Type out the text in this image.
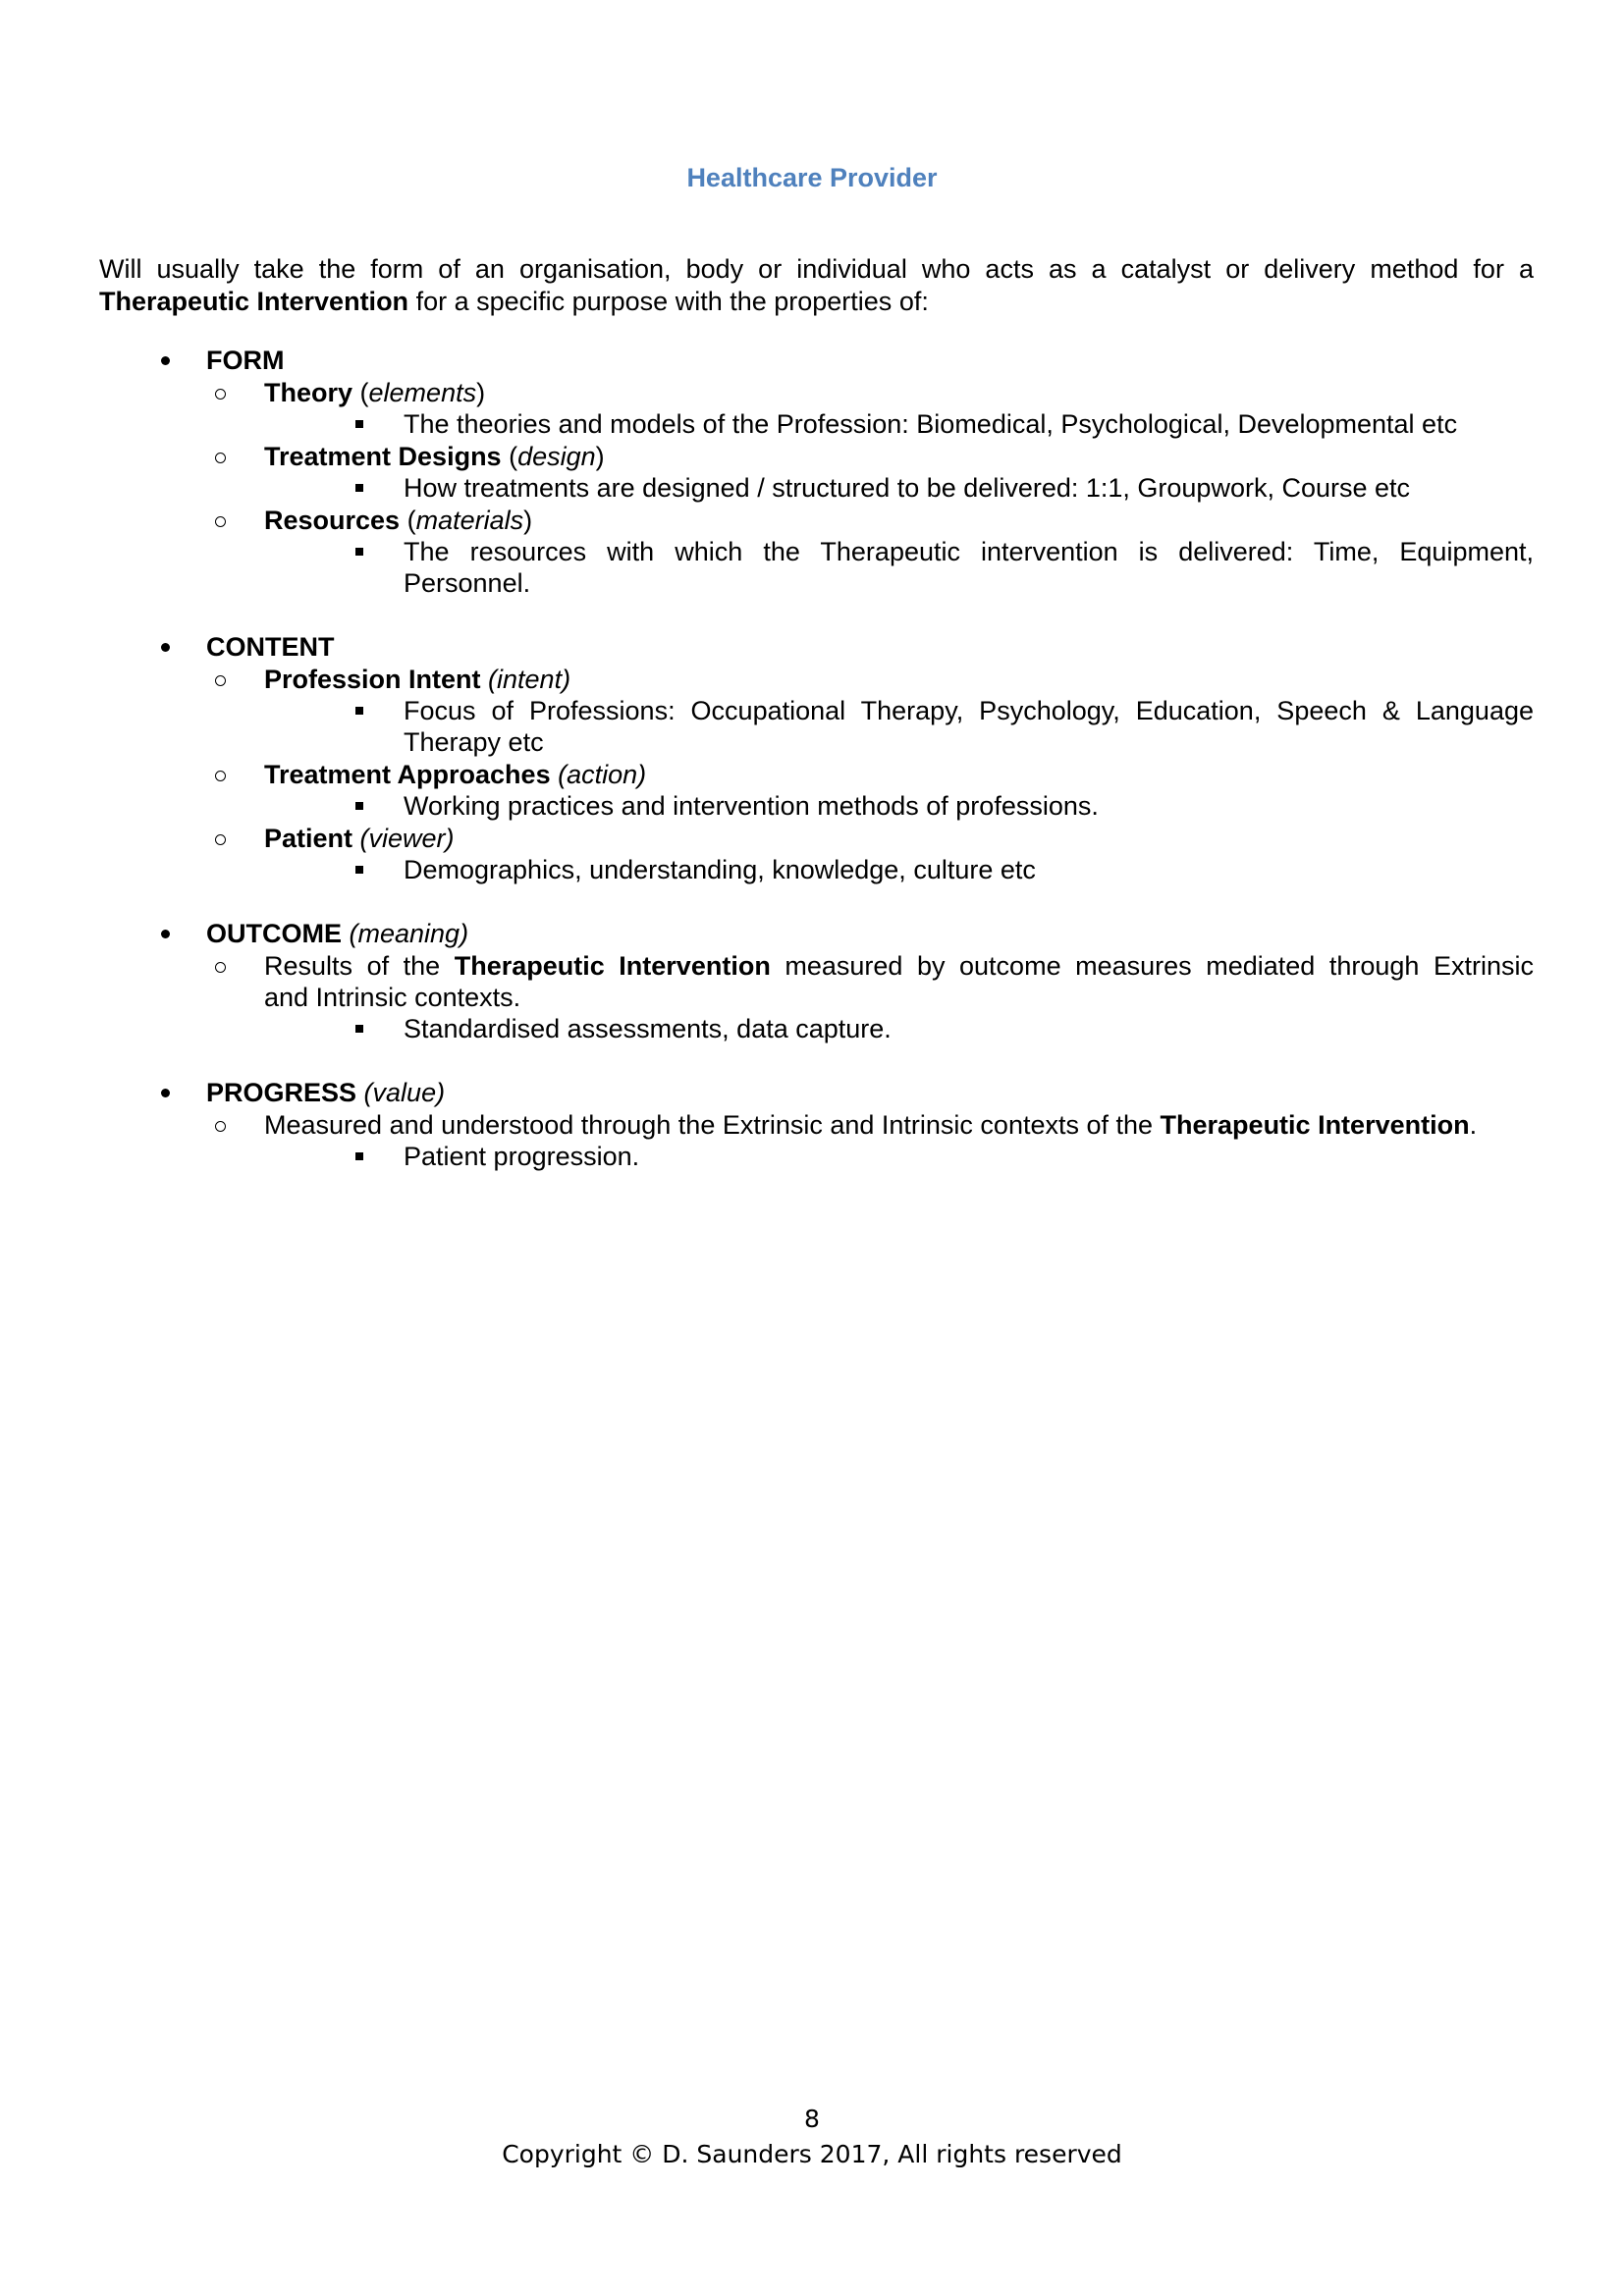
Healthcare Provider
Will usually take the form of an organisation, body or individual who acts as a catalyst or delivery method for a
Therapeutic Intervention for a specific purpose with the properties of:
FORM
Theory (elements)
The theories and models of the Profession: Biomedical, Psychological, Developmental etc
Treatment Designs (design)
How treatments are designed / structured to be delivered: 1:1, Groupwork, Course etc
Resources (materials)
The resources with which the Therapeutic intervention is delivered: Time, Equipment,
Personnel.
CONTENT
Profession Intent (intent)
Focus of Professions: Occupational Therapy, Psychology, Education, Speech & Language
Therapy etc
Treatment Approaches (action)
Working practices and intervention methods of professions.
Patient (viewer)
Demographics, understanding, knowledge, culture etc
OUTCOME (meaning)
Results of the Therapeutic Intervention measured by outcome measures mediated through Extrinsic
and Intrinsic contexts.
Standardised assessments, data capture.
PROGRESS (value)
Measured and understood through the Extrinsic and Intrinsic contexts of the Therapeutic Intervention.
Patient progression.
8
Copyright © D. Saunders 2017, All rights reserved
